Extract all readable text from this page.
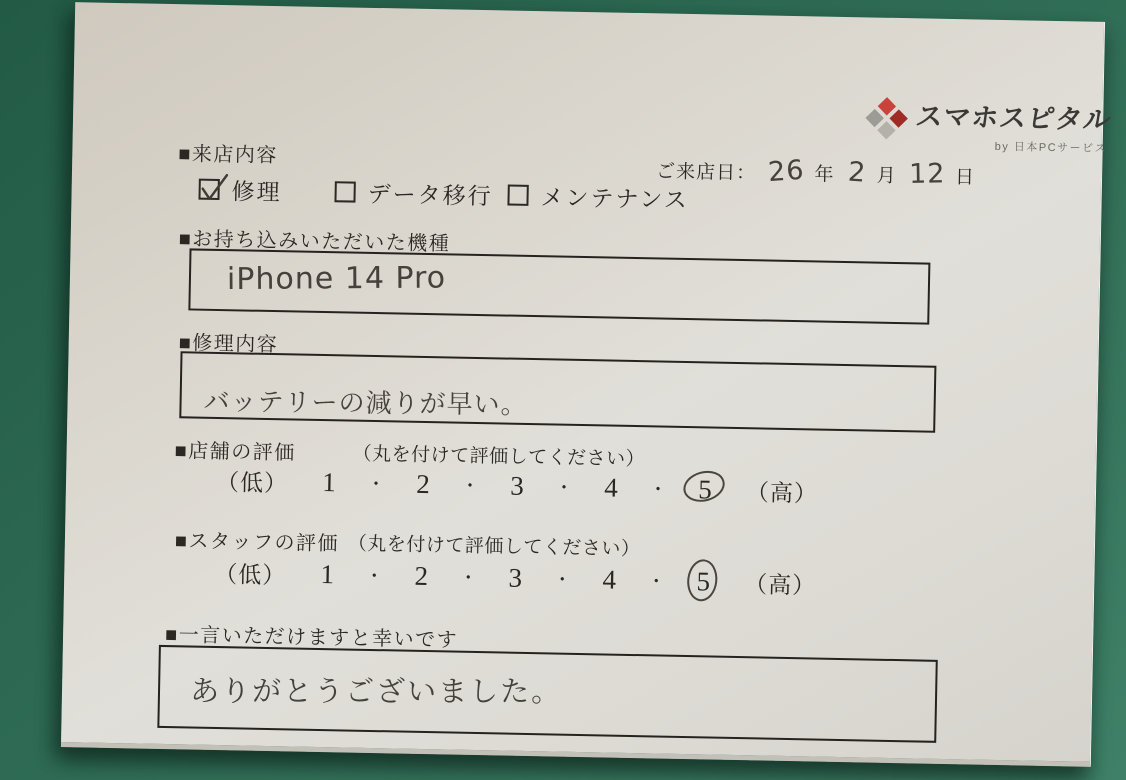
スマホスピタル
by 日本PCサービス
■来店内容
修理	データ移行 メンテナンス
ご来店日： 26 年 2 月 12 日
■お持ち込みいただいた機種
iPhone 14 Pro
■修理内容
バッテリーの減りが早い。
■店舗の評価	（丸を付けて評価してください）
（低）	1 ・ 2 ・ 3 ・ 4 ・ 5 （高）
■スタッフの評価 （丸を付けて評価してください）
（低）	1 ・ 2 ・ 3 ・ 4 ・ 5 （高）
■一言いただけますと幸いです
ありがとうございました。
